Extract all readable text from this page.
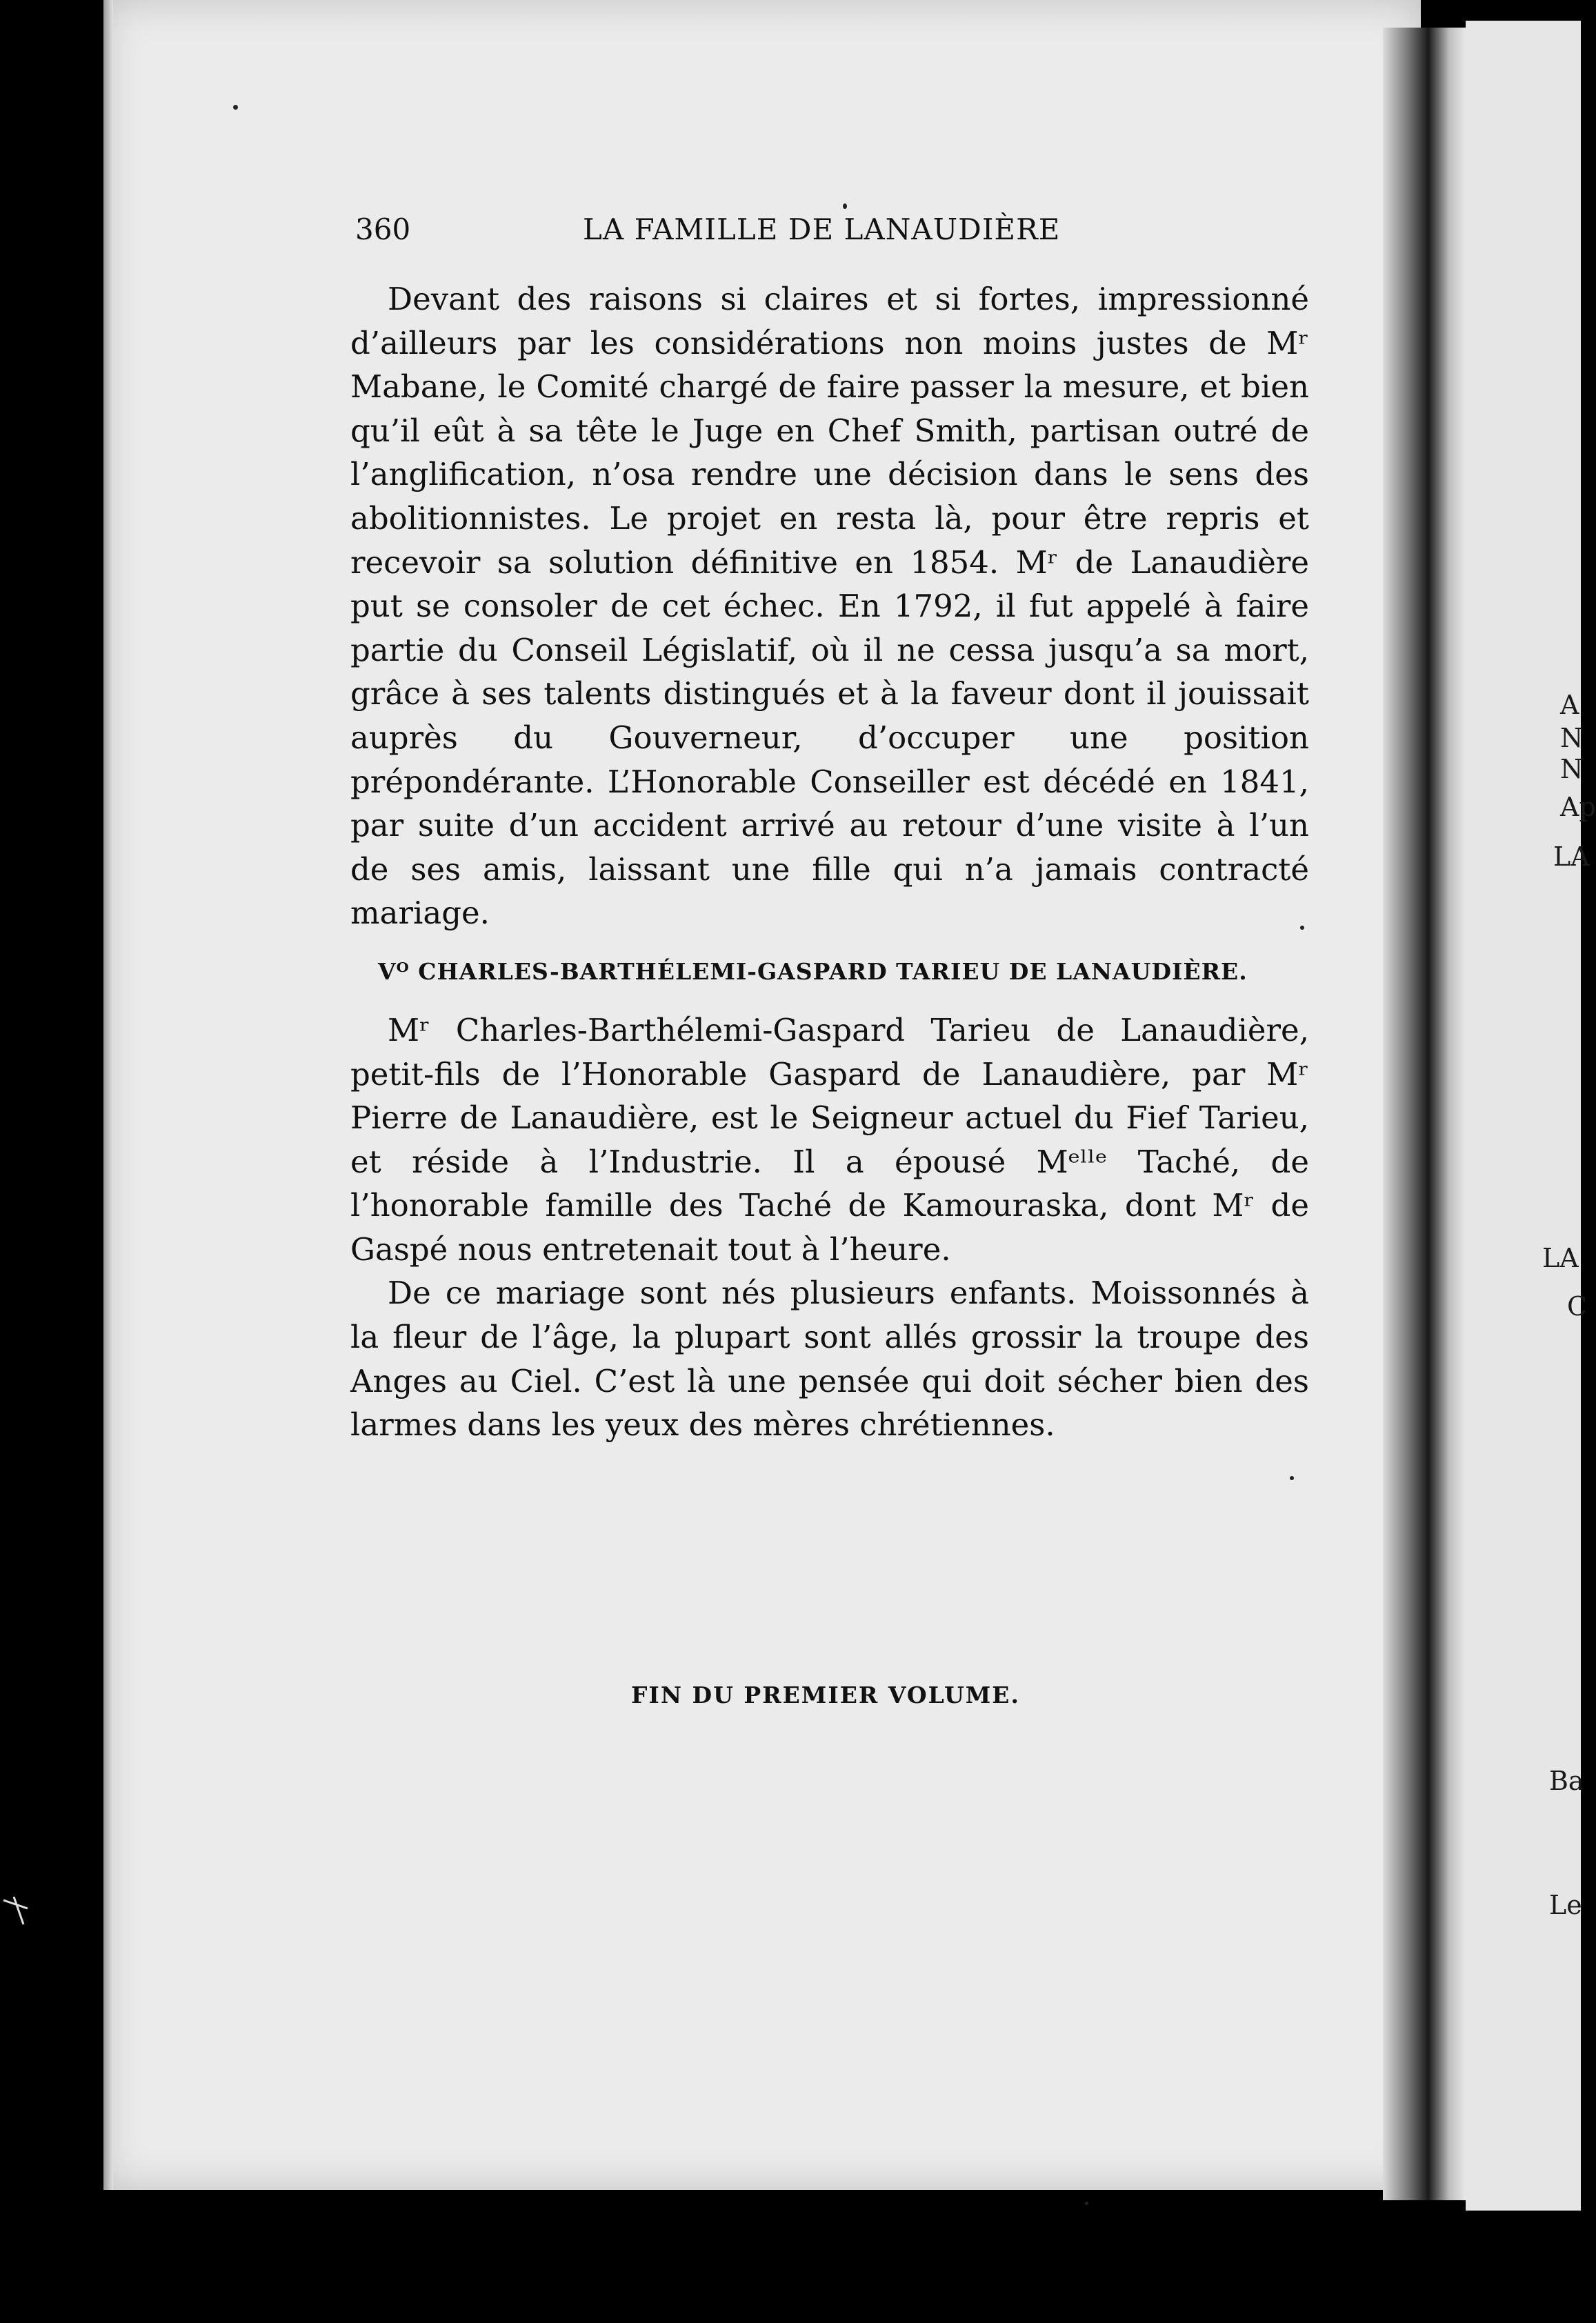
360	LA FAMILLE DE LANAUDIÈRE

Devant des raisons si claires et si fortes, impressionné d’ailleurs par les considérations non moins justes de Mʳ Mabane, le Comité chargé de faire passer la mesure, et bien qu’il eût à sa tête le Juge en Chef Smith, partisan outré de l’anglification, n’osa rendre une décision dans le sens des abolitionnistes. Le projet en resta là, pour être repris et recevoir sa solution définitive en 1854. Mʳ de Lanaudière put se consoler de cet échec. En 1792, il fut appelé à faire partie du Conseil Législatif, où il ne cessa jusqu’a sa mort, grâce à ses talents distingués et à la faveur dont il jouissait auprès du Gouverneur, d’occuper une position prépondérante. L’Honorable Conseiller est décédé en 1841, par suite d’un accident arrivé au retour d’une visite à l’un de ses amis, laissant une fille qui n’a jamais contracté mariage.

Vᴼ CHARLES-BARTHÉLEMI-GASPARD TARIEU DE LANAUDIÈRE.

Mʳ Charles-Barthélemi-Gaspard Tarieu de Lanaudière, petit-fils de l’Honorable Gaspard de Lanaudière, par Mʳ Pierre de Lanaudière, est le Seigneur actuel du Fief Tarieu, et réside à l’Industrie. Il a épousé Mᵉˡˡᵉ Taché, de l’honorable famille des Taché de Kamouraska, dont Mʳ de Gaspé nous entretenait tout à l’heure.

De ce mariage sont nés plusieurs enfants. Moissonnés à la fleur de l’âge, la plupart sont allés grossir la troupe des Anges au Ciel. C’est là une pensée qui doit sécher bien des larmes dans les yeux des mères chrétiennes.

FIN DU PREMIER VOLUME.
A
N
N
Ap
LA
LA
C
Ba
Le
